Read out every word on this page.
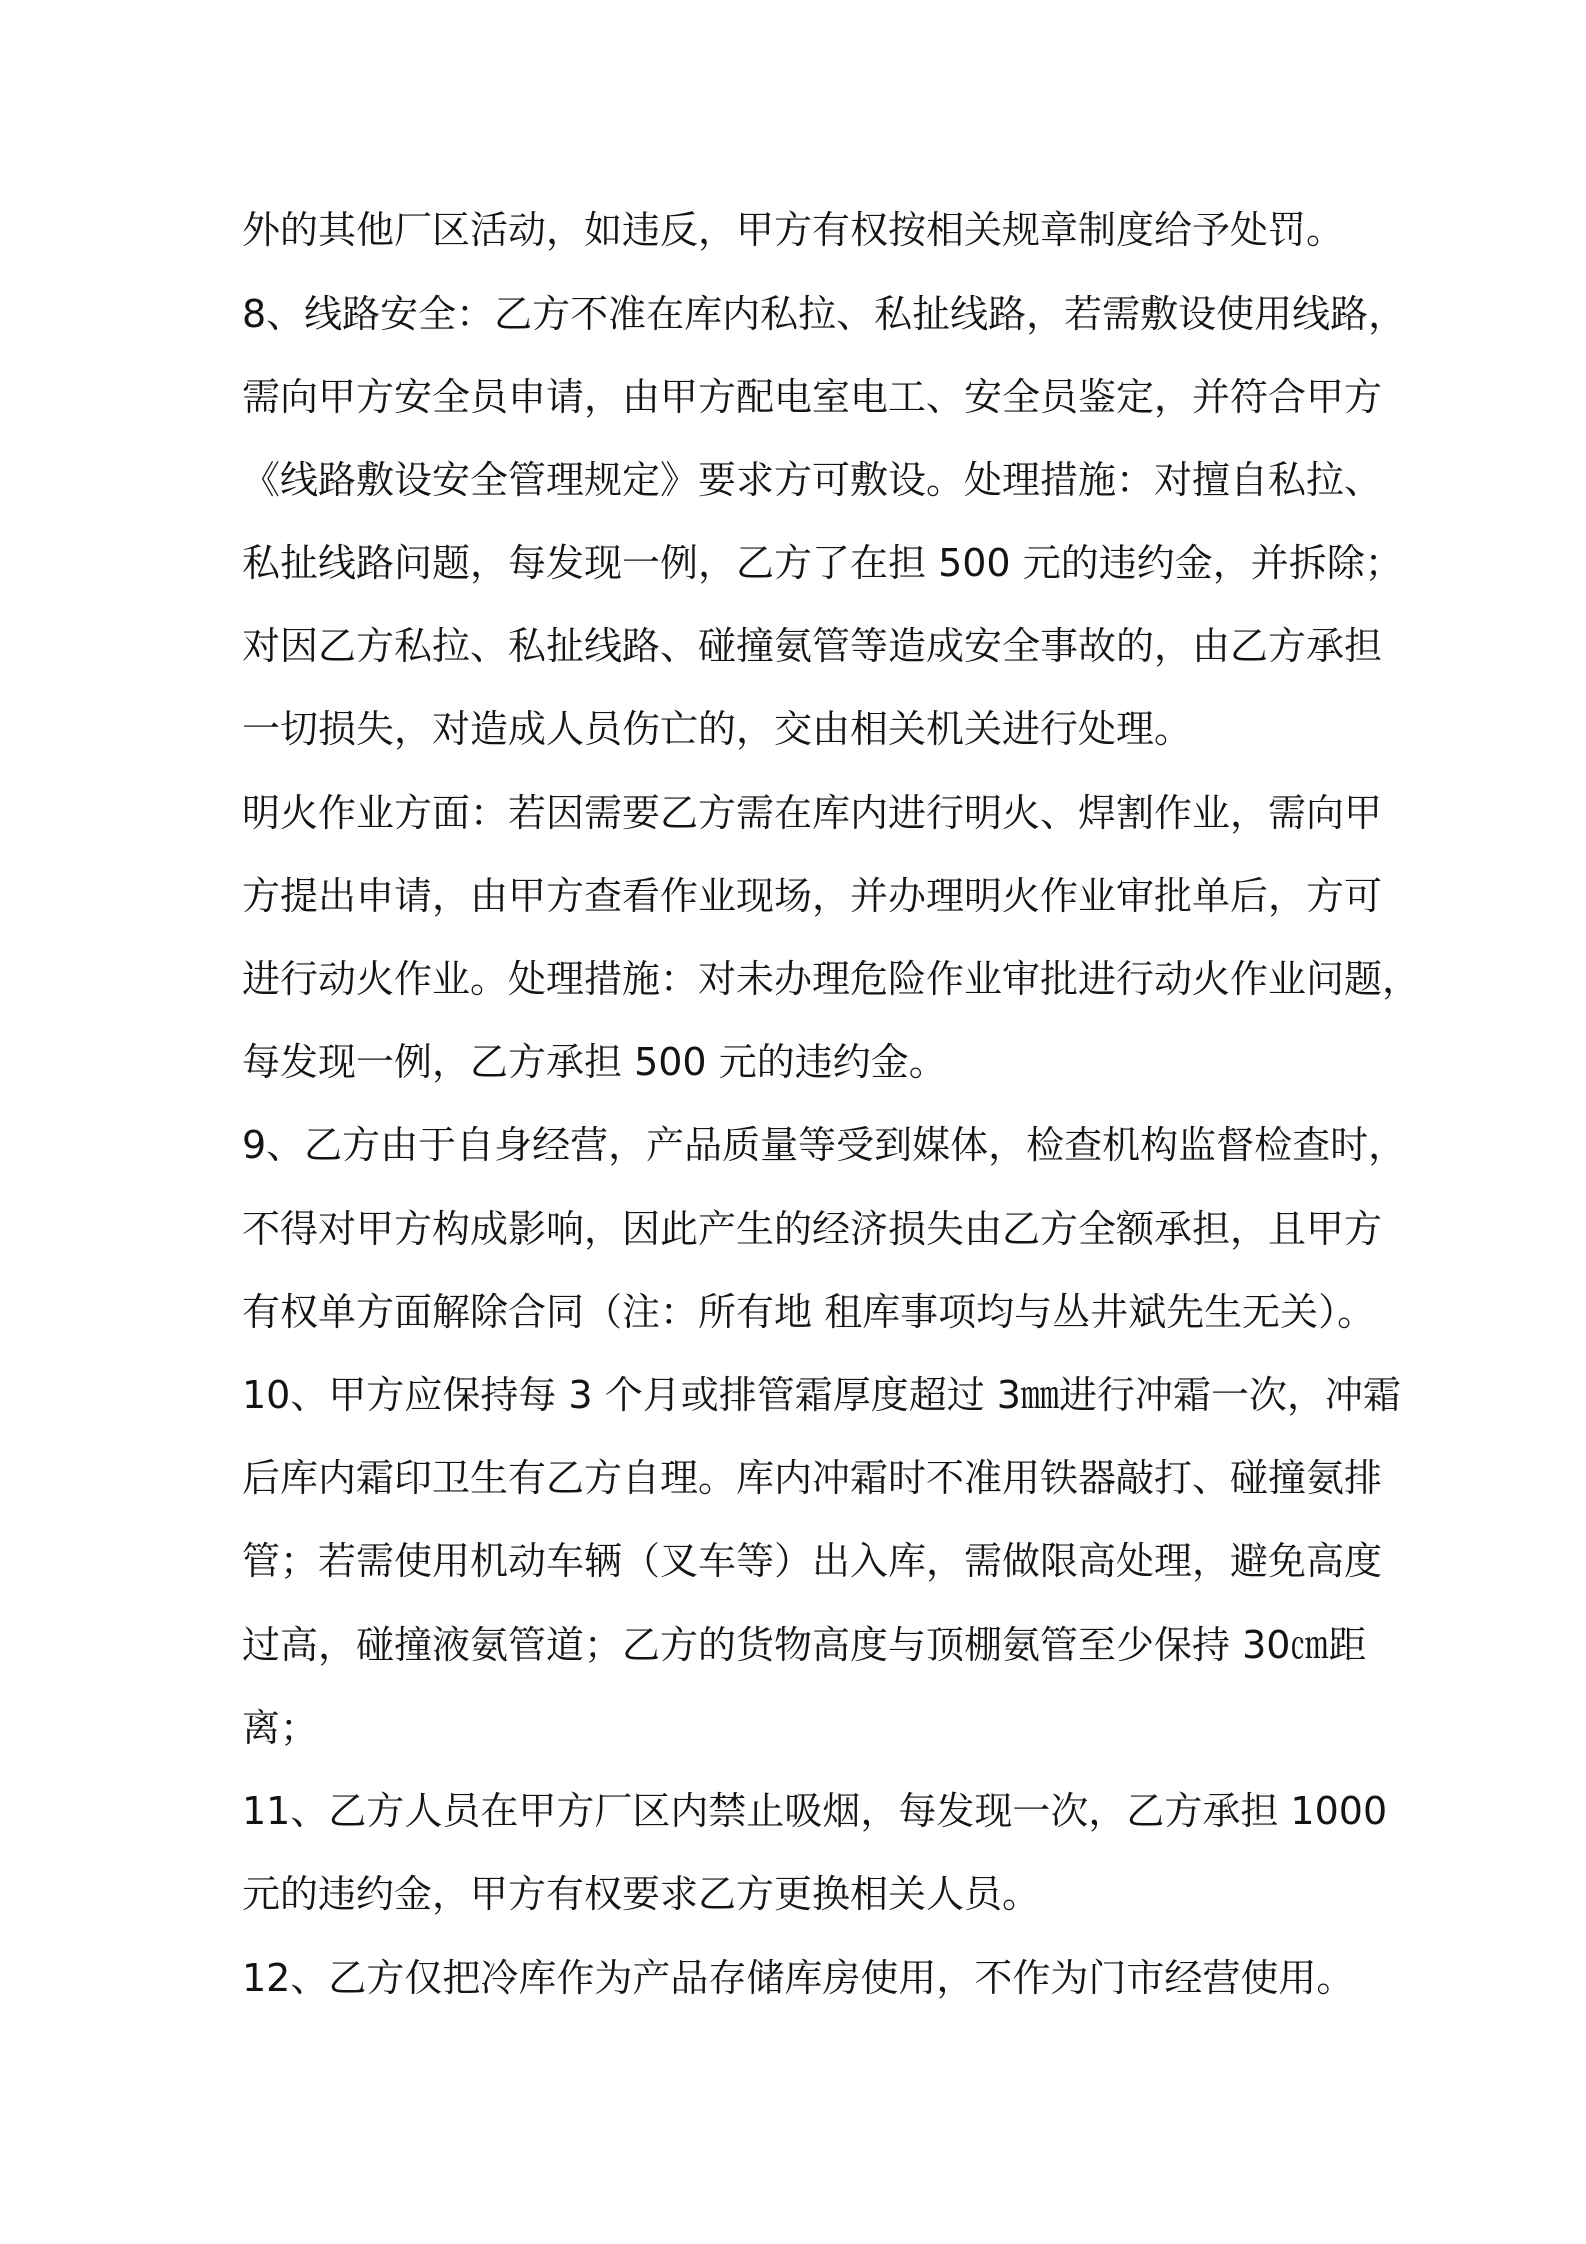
外的其他厂区活动，如违反，甲方有权按相关规章制度给予处罚。
8、线路安全：乙方不准在库内私拉、私扯线路，若需敷设使用线路，
需向甲方安全员申请，由甲方配电室电工、安全员鉴定，并符合甲方
《线路敷设安全管理规定》要求方可敷设。处理措施：对擅自私拉、
私扯线路问题，每发现一例，乙方了在担 500 元的违约金，并拆除；
对因乙方私拉、私扯线路、碰撞氨管等造成安全事故的，由乙方承担
一切损失，对造成人员伤亡的，交由相关机关进行处理。
明火作业方面：若因需要乙方需在库内进行明火、焊割作业，需向甲
方提出申请，由甲方查看作业现场，并办理明火作业审批单后，方可
进行动火作业。处理措施：对未办理危险作业审批进行动火作业问题，
每发现一例，乙方承担 500 元的违约金。
9、乙方由于自身经营，产品质量等受到媒体，检查机构监督检查时，
不得对甲方构成影响，因此产生的经济损失由乙方全额承担，且甲方
有权单方面解除合同（注：所有地 租库事项均与丛井斌先生无关）。
10、甲方应保持每 3 个月或排管霜厚度超过 3㎜进行冲霜一次，冲霜
后库内霜印卫生有乙方自理。库内冲霜时不准用铁器敲打、碰撞氨排
管；若需使用机动车辆（叉车等）出入库，需做限高处理，避免高度
过高，碰撞液氨管道；乙方的货物高度与顶棚氨管至少保持 30㎝距
离；
11、乙方人员在甲方厂区内禁止吸烟，每发现一次，乙方承担 1000
元的违约金，甲方有权要求乙方更换相关人员。
12、乙方仅把冷库作为产品存储库房使用，不作为门市经营使用。
